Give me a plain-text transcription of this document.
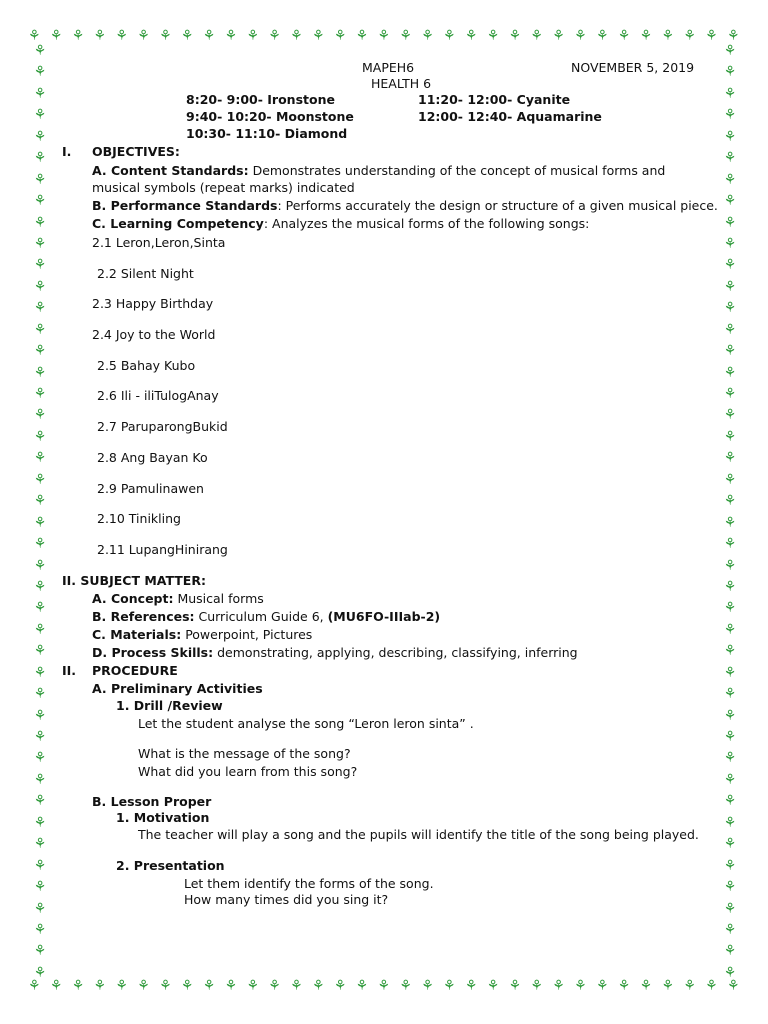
⚘ ⚘ ⚘ ⚘ ⚘ ⚘ ⚘ ⚘ ⚘ ⚘ ⚘ ⚘ ⚘ ⚘ ⚘ ⚘ ⚘ ⚘ ⚘ ⚘ ⚘ ⚘ ⚘ ⚘ ⚘ ⚘ ⚘ ⚘ ⚘ ⚘ ⚘ ⚘ ⚘
⚘ ⚘ ⚘ ⚘ ⚘ ⚘ ⚘ ⚘ ⚘ ⚘ ⚘ ⚘ ⚘ ⚘ ⚘ ⚘ ⚘ ⚘ ⚘ ⚘ ⚘ ⚘ ⚘ ⚘ ⚘ ⚘ ⚘ ⚘ ⚘ ⚘ ⚘ ⚘ ⚘
⚘
⚘
⚘
⚘
⚘
⚘
⚘
⚘
⚘
⚘
⚘
⚘
⚘
⚘
⚘
⚘
⚘
⚘
⚘
⚘
⚘
⚘
⚘
⚘
⚘
⚘
⚘
⚘
⚘
⚘
⚘
⚘
⚘
⚘
⚘
⚘
⚘
⚘
⚘
⚘
⚘
⚘
⚘
⚘
⚘
⚘
⚘
⚘
⚘
⚘
⚘
⚘
⚘
⚘
⚘
⚘
⚘
⚘
⚘
⚘
⚘
⚘
⚘
⚘
⚘
⚘
⚘
⚘
⚘
⚘
⚘
⚘
⚘
⚘
⚘
⚘
⚘
⚘
⚘
⚘
⚘
⚘
⚘
⚘
⚘
⚘
⚘
⚘
MAPEH6	NOVEMBER 5, 2019
HEALTH 6
8:20- 9:00- Ironstone
9:40- 10:20- Moonstone
10:30- 11:10- Diamond
11:20- 12:00- Cyanite
12:00- 12:40- Aquamarine
I. OBJECTIVES:
A. Content Standards: Demonstrates understanding of the concept of musical forms and
musical symbols (repeat marks) indicated
B. Performance Standards: Performs accurately the design or structure of a given musical piece.
C. Learning Competency: Analyzes the musical forms of the following songs:
2.1 Leron,Leron,Sinta
2.2 Silent Night
2.3 Happy Birthday
2.4 Joy to the World
2.5 Bahay Kubo
2.6 Ili - iliTulogAnay
2.7 ParuparongBukid
2.8 Ang Bayan Ko
2.9 Pamulinawen
2.10 Tinikling
2.11 LupangHinirang
II. SUBJECT MATTER:
A. Concept: Musical forms
B. References: Curriculum Guide 6, (MU6FO-IIIab-2)
C. Materials: Powerpoint, Pictures
D. Process Skills: demonstrating, applying, describing, classifying, inferring
II. PROCEDURE
A. Preliminary Activities
1. Drill /Review
Let the student analyse the song “Leron leron sinta” .
What is the message of the song?
What did you learn from this song?
B. Lesson Proper
1. Motivation
The teacher will play a song and the pupils will identify the title of the song being played.
2. Presentation
Let them identify the forms of the song.
How many times did you sing it?
